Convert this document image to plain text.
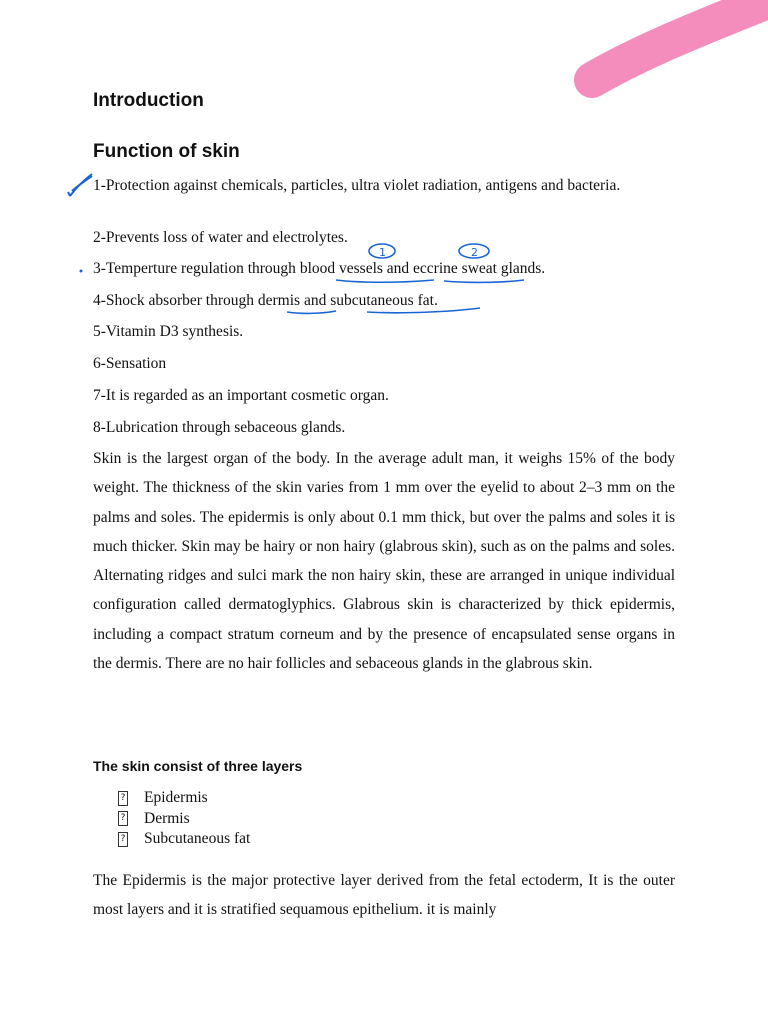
Introduction
Function of skin

1-Protection against chemicals, particles, ultra violet radiation, antigens and bacteria.

2-Prevents loss of water and electrolytes.

3-Temperture regulation through blood vessels and eccrine sweat glands.

4-Shock absorber through dermis and subcutaneous fat.

5-Vitamin D3 synthesis.

6-Sensation

7-It is regarded as an important cosmetic organ.

8-Lubrication through sebaceous glands.

Skin is the largest organ of the body. In the average adult man, it weighs 15% of the body weight. The thickness of the skin varies from 1 mm over the eyelid to about 2–3 mm on the palms and soles. The epidermis is only about 0.1 mm thick, but over the palms and soles it is much thicker. Skin may be hairy or non hairy (glabrous skin), such as on the palms and soles. Alternating ridges and sulci mark the non hairy skin, these are arranged in unique individual configuration called dermatoglyphics. Glabrous skin is characterized by thick epidermis, including a compact stratum corneum and by the presence of encapsulated sense organs in the dermis. There are no hair follicles and sebaceous glands in the glabrous skin.

The skin consist of three layers
? Epidermis
? Dermis
? Subcutaneous fat

The Epidermis is the major protective layer derived from the fetal ectoderm, It is the outer most layers and it is stratified sequamous epithelium. it is mainly

1	2
